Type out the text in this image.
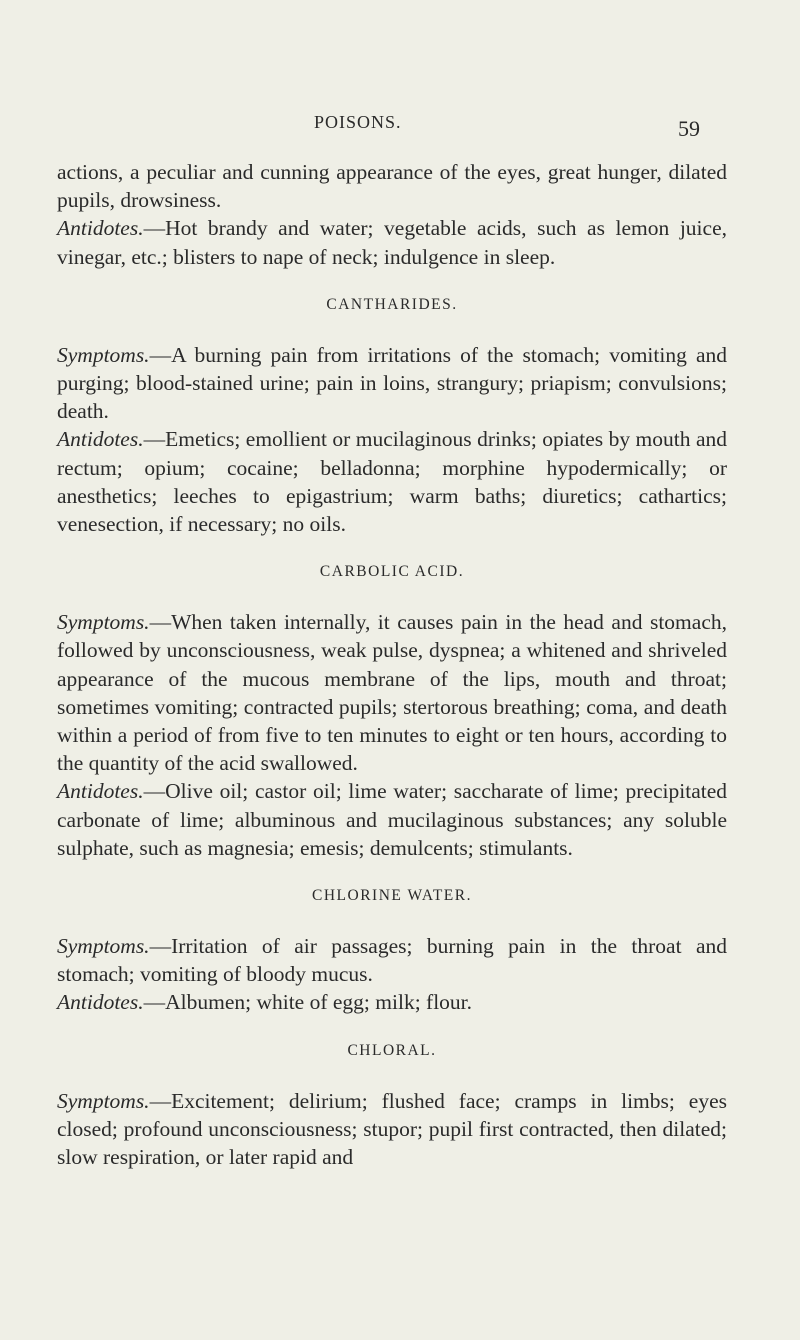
POISONS.	59

actions, a peculiar and cunning appearance of the eyes, great hunger, dilated pupils, drowsiness.

Antidotes.—Hot brandy and water; vegetable acids, such as lemon juice, vinegar, etc.; blisters to nape of neck; indulgence in sleep.

CANTHARIDES.

Symptoms.—A burning pain from irritations of the stomach; vomiting and purging; blood-stained urine; pain in loins, strangury; priapism; convulsions; death.

Antidotes.—Emetics; emollient or mucilaginous drinks; opiates by mouth and rectum; opium; cocaine; belladonna; morphine hypodermically; or anesthetics; leeches to epigastrium; warm baths; diuretics; cathartics; venesection, if necessary; no oils.

CARBOLIC ACID.

Symptoms.—When taken internally, it causes pain in the head and stomach, followed by unconsciousness, weak pulse, dyspnea; a whitened and shriveled appearance of the mucous membrane of the lips, mouth and throat; sometimes vomiting; contracted pupils; stertorous breathing; coma, and death within a period of from five to ten minutes to eight or ten hours, according to the quantity of the acid swallowed.

Antidotes.—Olive oil; castor oil; lime water; saccharate of lime; precipitated carbonate of lime; albuminous and mucilaginous substances; any soluble sulphate, such as magnesia; emesis; demulcents; stimulants.

CHLORINE WATER.

Symptoms.—Irritation of air passages; burning pain in the throat and stomach; vomiting of bloody mucus.

Antidotes.—Albumen; white of egg; milk; flour.

CHLORAL.

Symptoms.—Excitement; delirium; flushed face; cramps in limbs; eyes closed; profound unconsciousness; stupor; pupil first contracted, then dilated; slow respiration, or later rapid and
